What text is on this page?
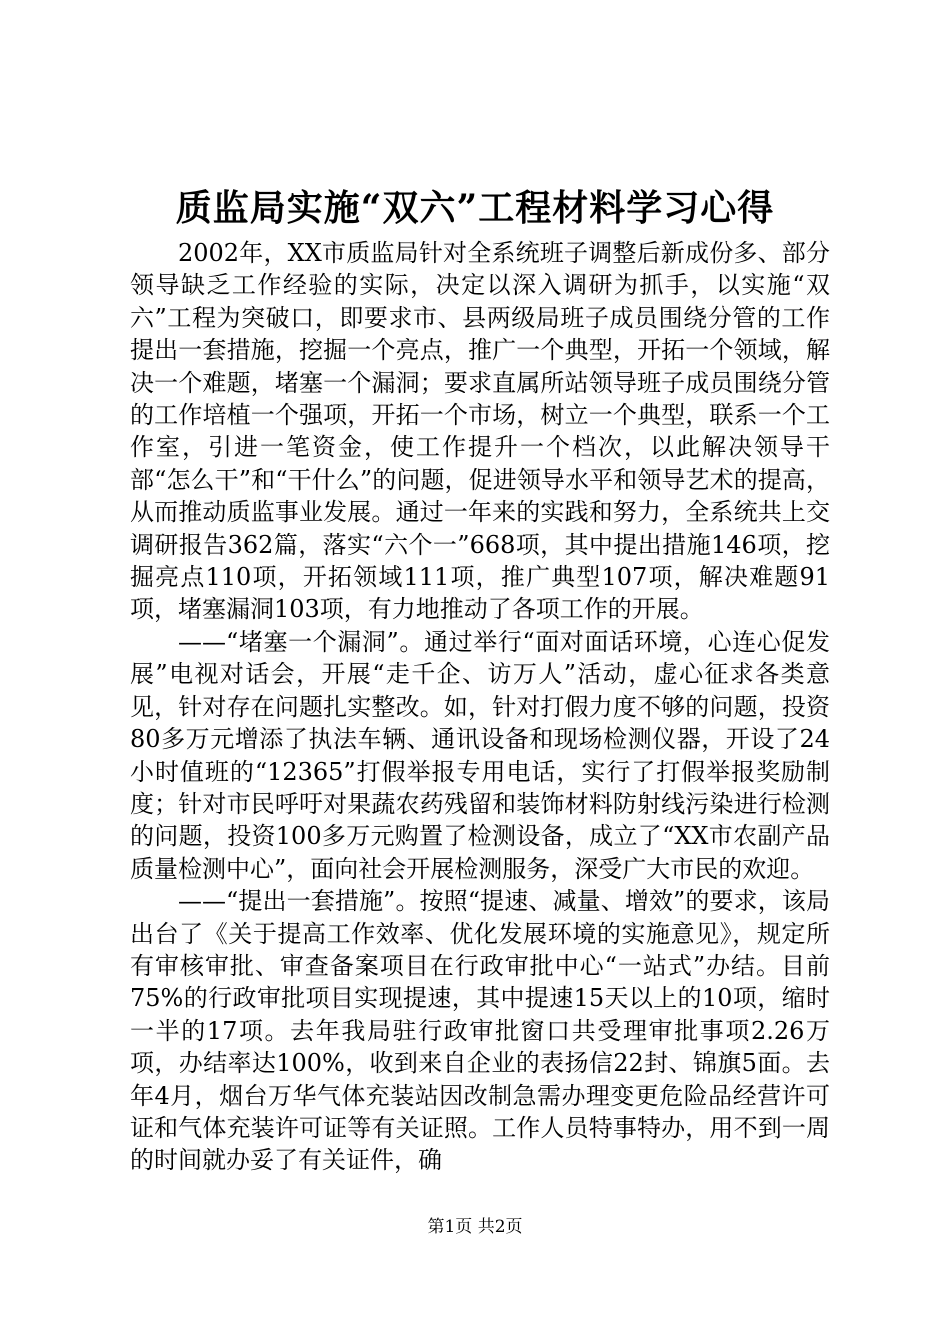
质监局实施“双六”工程材料学习心得

2002年，XX市质监局针对全系统班子调整后新成份多、部分领导缺乏工作经验的实际，决定以深入调研为抓手，以实施“双六”工程为突破口，即要求市、县两级局班子成员围绕分管的工作提出一套措施，挖掘一个亮点，推广一个典型，开拓一个领域，解决一个难题，堵塞一个漏洞；要求直属所站领导班子成员围绕分管的工作培植一个强项，开拓一个市场，树立一个典型，联系一个工作室，引进一笔资金，使工作提升一个档次，以此解决领导干部“怎么干”和“干什么”的问题，促进领导水平和领导艺术的提高，从而推动质监事业发展。通过一年来的实践和努力，全系统共上交调研报告362篇，落实“六个一”668项，其中提出措施146项，挖掘亮点110项，开拓领域111项，推广典型107项，解决难题91项，堵塞漏洞103项，有力地推动了各项工作的开展。

——“堵塞一个漏洞”。通过举行“面对面话环境，心连心促发展”电视对话会，开展“走千企、访万人”活动，虚心征求各类意见，针对存在问题扎实整改。如，针对打假力度不够的问题，投资80多万元增添了执法车辆、通讯设备和现场检测仪器，开设了24小时值班的“12365”打假举报专用电话，实行了打假举报奖励制度；针对市民呼吁对果蔬农药残留和装饰材料防射线污染进行检测的问题，投资100多万元购置了检测设备，成立了“XX市农副产品质量检测中心”，面向社会开展检测服务，深受广大市民的欢迎。

——“提出一套措施”。按照“提速、减量、增效”的要求，该局出台了《关于提高工作效率、优化发展环境的实施意见》，规定所有审核审批、审查备案项目在行政审批中心“一站式”办结。目前75%的行政审批项目实现提速，其中提速15天以上的10项，缩时一半的17项。去年我局驻行政审批窗口共受理审批事项2.26万项，办结率达100%，收到来自企业的表扬信22封、锦旗5面。去年4月，烟台万华气体充装站因改制急需办理变更危险品经营许可证和气体充装许可证等有关证照。工作人员特事特办，用不到一周的时间就办妥了有关证件，确

第1页 共2页
